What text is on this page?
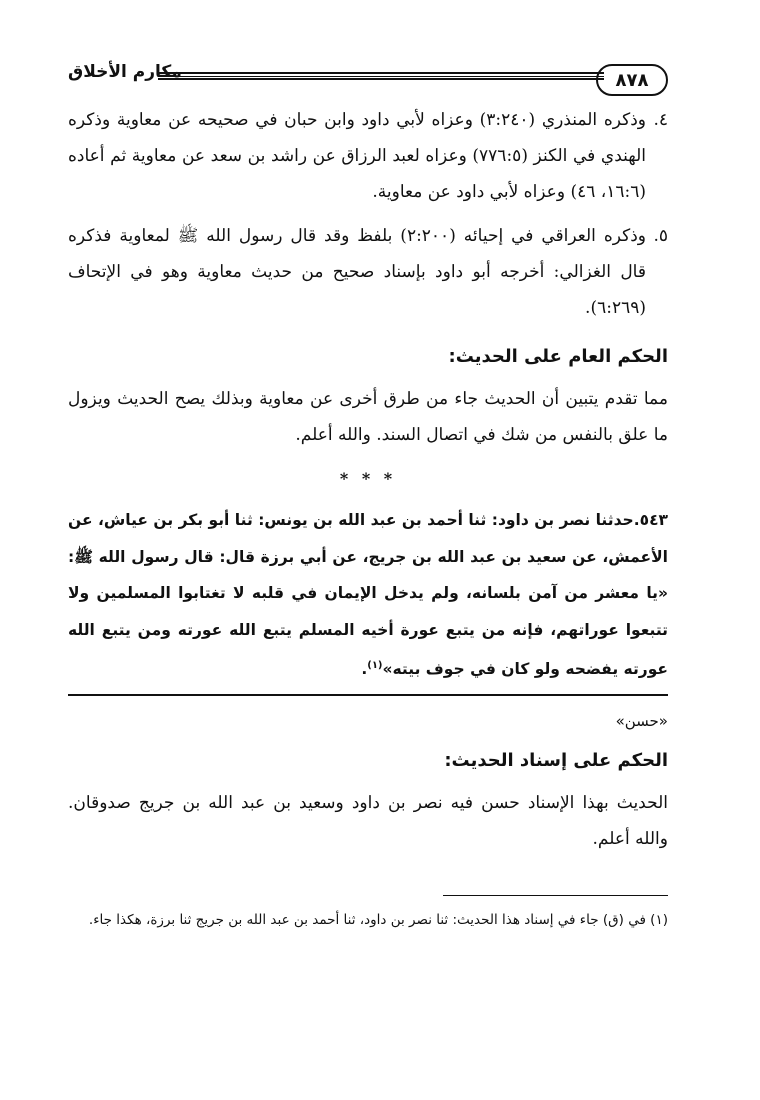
٨٧٨
مكارم الأخلاق
٤.

وذكره المنذري (٣:٢٤٠) وعزاه لأبي داود وابن حبان في صحيحه عن معاوية وذكره الهندي في الكنز (٧٧٦:٥) وعزاه لعبد الرزاق عن راشد بن سعد عن معاوية ثم أعاده (١٦:٦، ٤٦) وعزاه لأبي داود عن معاوية.

٥.

وذكره العراقي في إحيائه (٢:٢٠٠) بلفظ وقد قال رسول الله ﷺ لمعاوية فذكره قال الغزالي: أخرجه أبو داود بإسناد صحيح من حديث معاوية وهو في الإتحاف (٦:٢٦٩).

الحكم العام على الحديث:

مما تقدم يتبين أن الحديث جاء من طرق أخرى عن معاوية وبذلك يصح الحديث ويزول ما علق بالنفس من شك في اتصال السند. والله أعلم.

* * *

٥٤٣.حدثنا نصر بن داود: ثنا أحمد بن عبد الله بن يونس: ثنا أبو بكر بن عياش، عن الأعمش، عن سعيد بن عبد الله بن جريج، عن أبي برزة قال: قال رسول الله ﷺ: «يا معشر من آمن بلسانه، ولم يدخل الإيمان في قلبه لا تغتابوا المسلمين ولا تتبعوا عوراتهم، فإنه من يتبع عورة أخيه المسلم يتبع الله عورته ومن يتبع الله عورته يفضحه ولو كان في جوف بيته»$^{(١)}$.

«حسن»
الحكم على إسناد الحديث:

الحديث بهذا الإسناد حسن فيه نصر بن داود وسعيد بن عبد الله بن جريج صدوقان. والله أعلم.

(١) في (ق) جاء في إسناد هذا الحديث: ثنا نصر بن داود، ثنا أحمد بن عبد الله بن جريج ثنا برزة، هكذا جاء.
